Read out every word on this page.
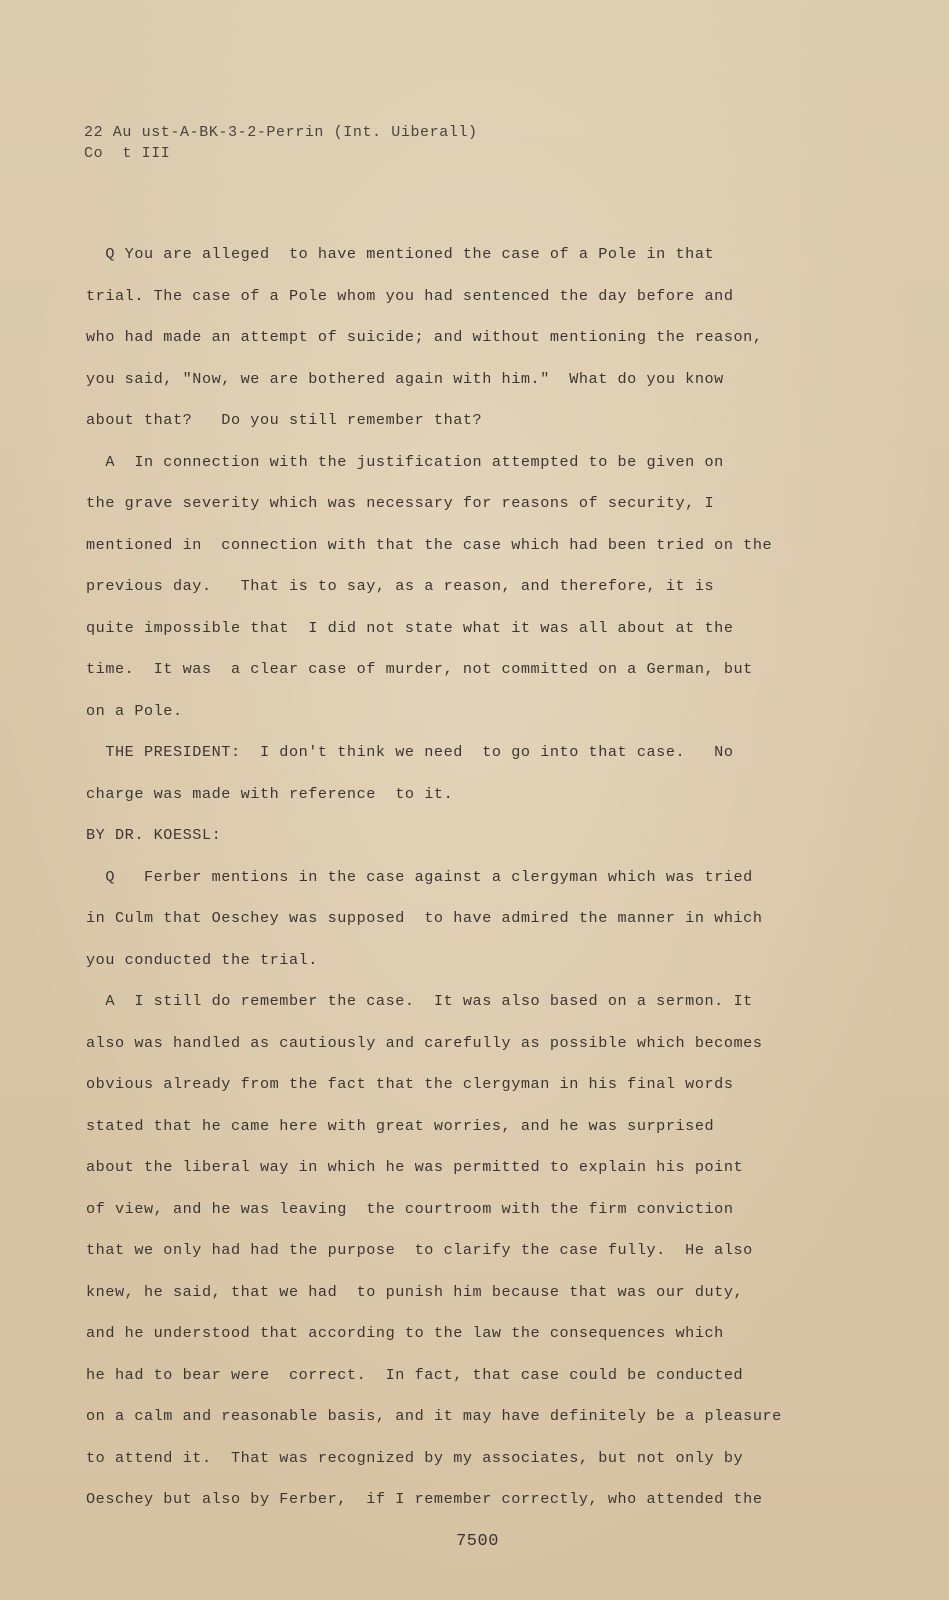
22 Au ust-A-BK-3-2-Perrin (Int. Uiberall)
Co  t III
Q You are alleged  to have mentioned the case of a Pole in that
trial. The case of a Pole whom you had sentenced the day before and
who had made an attempt of suicide; and without mentioning the reason,
you said, "Now, we are bothered again with him."  What do you know
about that?   Do you still remember that?
A  In connection with the justification attempted to be given on
the grave severity which was necessary for reasons of security, I
mentioned in  connection with that the case which had been tried on the
previous day.   That is to say, as a reason, and therefore, it is
quite impossible that  I did not state what it was all about at the
time.  It was  a clear case of murder, not committed on a German, but
on a Pole.
THE PRESIDENT:  I don't think we need  to go into that case.   No
charge was made with reference  to it.
BY DR. KOESSL:
Q   Ferber mentions in the case against a clergyman which was tried
in Culm that Oeschey was supposed  to have admired the manner in which
you conducted the trial.
A  I still do remember the case.  It was also based on a sermon. It
also was handled as cautiously and carefully as possible which becomes
obvious already from the fact that the clergyman in his final words
stated that he came here with great worries, and he was surprised
about the liberal way in which he was permitted to explain his point
of view, and he was leaving  the courtroom with the firm conviction
that we only had had the purpose  to clarify the case fully.  He also
knew, he said, that we had  to punish him because that was our duty,
and he understood that according to the law the consequences which
he had to bear were  correct.  In fact, that case could be conducted
on a calm and reasonable basis, and it may have definitely be a pleasure
to attend it.  That was recognized by my associates, but not only by
Oeschey but also by Ferber,  if I remember correctly, who attended the
7500
